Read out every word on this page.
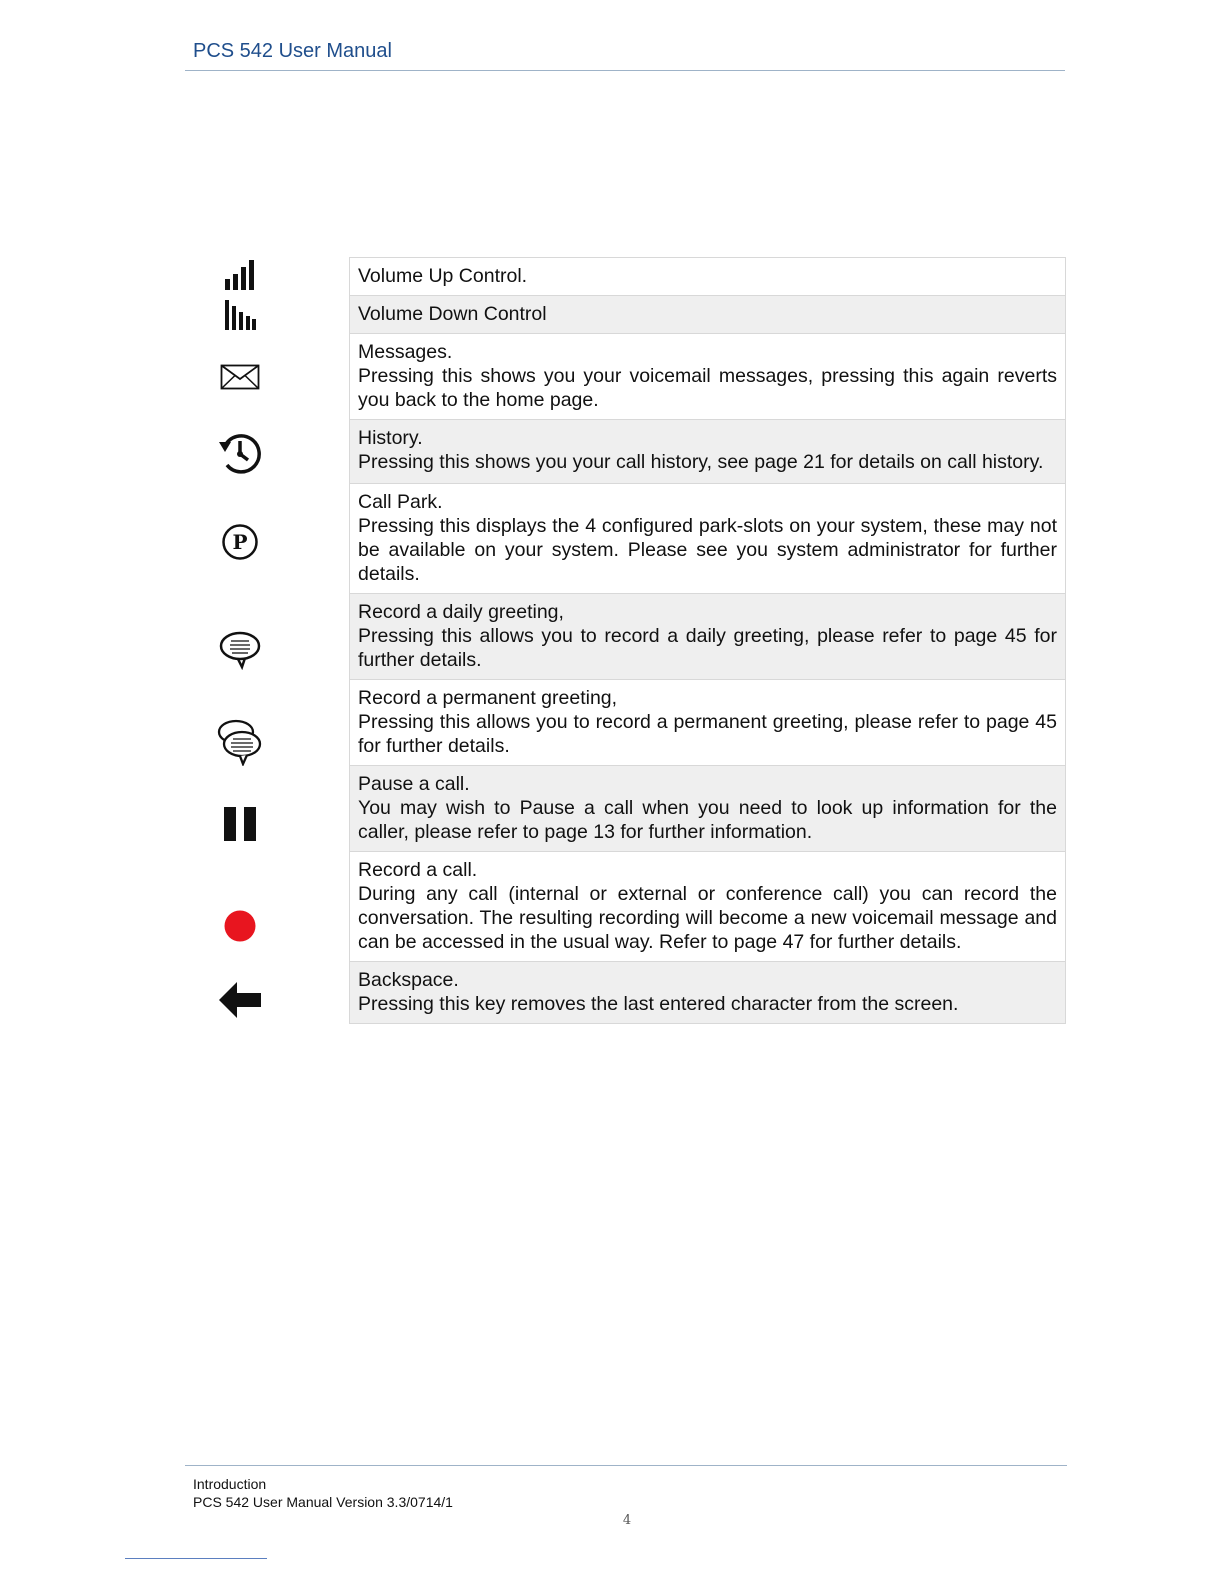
PCS 542 User Manual
P
Volume Up Control.

Volume Down Control

Messages.
Pressing this shows you your voicemail messages, pressing this again reverts you back to the home page.

History.
Pressing this shows you your call history, see page 21 for details on call history.

Call Park.
Pressing this displays the 4 configured park-slots on your system, these may not be available on your system. Please see you system administrator for further details.

Record a daily greeting,
Pressing this allows you to record a daily greeting, please refer to page 45 for further details.

Record a permanent greeting,
Pressing this allows you to record a permanent greeting, please refer to page 45 for further details.

Pause a call.
You may wish to Pause a call when you need to look up information for the caller, please refer to page 13 for further information.

Record a call.
During any call (internal or external or conference call) you can record the conversation. The resulting recording will become a new voicemail message and can be accessed in the usual way. Refer to page 47 for further details.

Backspace.
Pressing this key removes the last entered character from the screen.
Introduction
PCS 542 User Manual Version 3.3/0714/1
4
